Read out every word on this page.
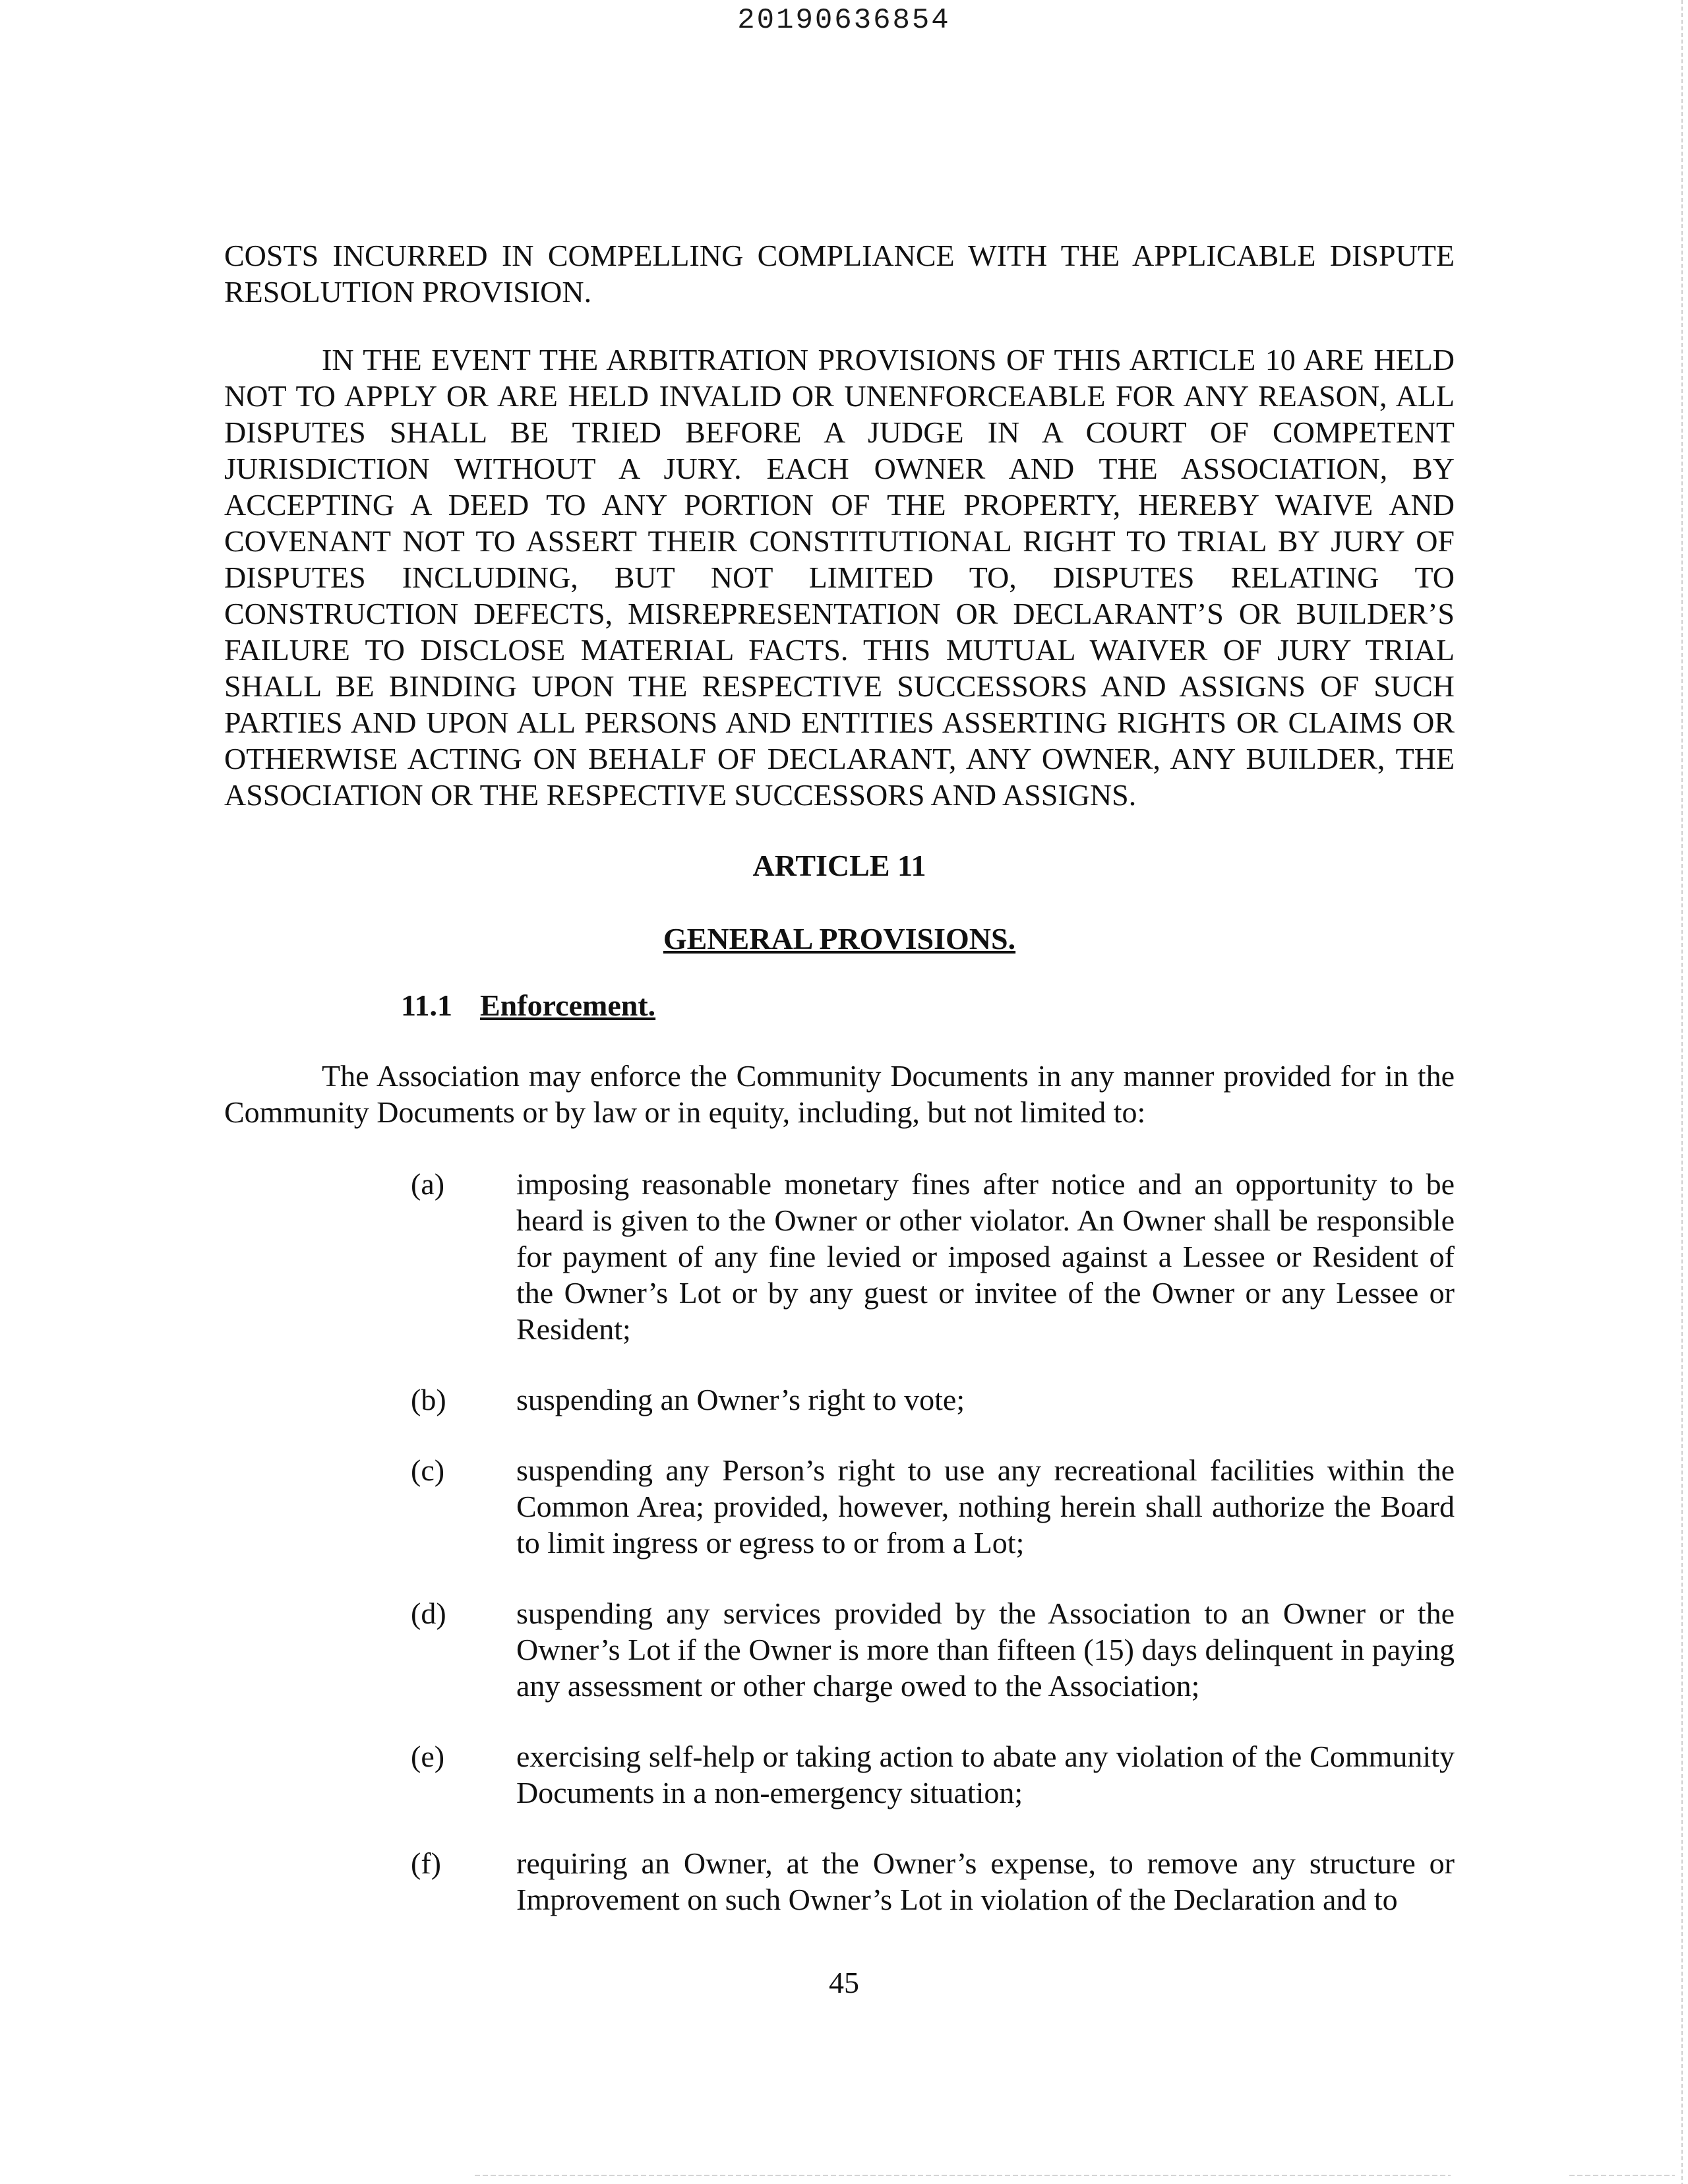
20190636854

COSTS INCURRED IN COMPELLING COMPLIANCE WITH THE APPLICABLE DISPUTE RESOLUTION PROVISION.

IN THE EVENT THE ARBITRATION PROVISIONS OF THIS ARTICLE 10 ARE HELD NOT TO APPLY OR ARE HELD INVALID OR UNENFORCEABLE FOR ANY REASON, ALL DISPUTES SHALL BE TRIED BEFORE A JUDGE IN A COURT OF COMPETENT JURISDICTION WITHOUT A JURY. EACH OWNER AND THE ASSOCIATION, BY ACCEPTING A DEED TO ANY PORTION OF THE PROPERTY, HEREBY WAIVE AND COVENANT NOT TO ASSERT THEIR CONSTITUTIONAL RIGHT TO TRIAL BY JURY OF DISPUTES INCLUDING, BUT NOT LIMITED TO, DISPUTES RELATING TO CONSTRUCTION DEFECTS, MISREPRESENTATION OR DECLARANT’S OR BUILDER’S FAILURE TO DISCLOSE MATERIAL FACTS. THIS MUTUAL WAIVER OF JURY TRIAL SHALL BE BINDING UPON THE RESPECTIVE SUCCESSORS AND ASSIGNS OF SUCH PARTIES AND UPON ALL PERSONS AND ENTITIES ASSERTING RIGHTS OR CLAIMS OR OTHERWISE ACTING ON BEHALF OF DECLARANT, ANY OWNER, ANY BUILDER, THE ASSOCIATION OR THE RESPECTIVE SUCCESSORS AND ASSIGNS.

ARTICLE 11

GENERAL PROVISIONS.

11.1 Enforcement.

The Association may enforce the Community Documents in any manner provided for in the Community Documents or by law or in equity, including, but not limited to:

(a)	imposing reasonable monetary fines after notice and an opportunity to be heard is given to the Owner or other violator. An Owner shall be responsible for payment of any fine levied or imposed against a Lessee or Resident of the Owner’s Lot or by any guest or invitee of the Owner or any Lessee or Resident;
(b)	suspending an Owner’s right to vote;
(c)	suspending any Person’s right to use any recreational facilities within the Common Area; provided, however, nothing herein shall authorize the Board to limit ingress or egress to or from a Lot;
(d)	suspending any services provided by the Association to an Owner or the Owner’s Lot if the Owner is more than fifteen (15) days delinquent in paying any assessment or other charge owed to the Association;
(e)	exercising self-help or taking action to abate any violation of the Community Documents in a non-emergency situation;
(f)	requiring an Owner, at the Owner’s expense, to remove any structure or Improvement on such Owner’s Lot in violation of the Declaration and to
45
